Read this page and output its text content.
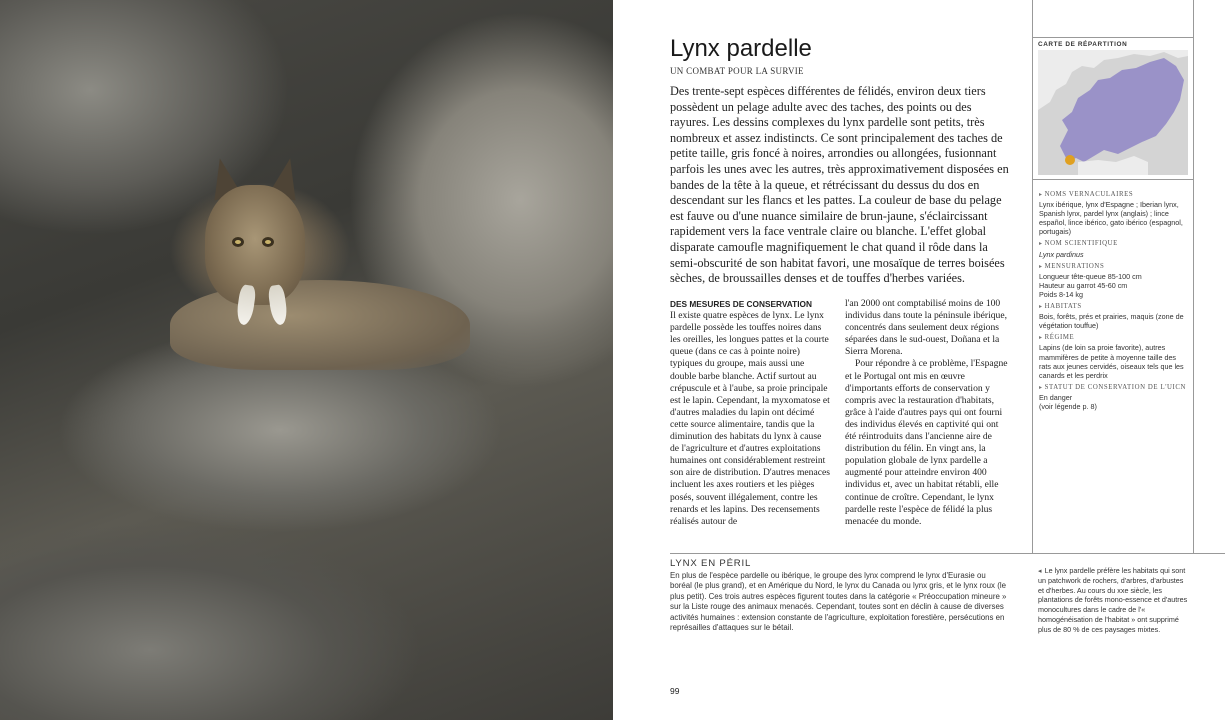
Lynx pardelle
UN COMBAT POUR LA SURVIE

Des trente-sept espèces différentes de félidés, environ deux tiers possèdent un pelage adulte avec des taches, des points ou des rayures. Les dessins complexes du lynx pardelle sont petits, très nombreux et assez indistincts. Ce sont principalement des taches de petite taille, gris foncé à noires, arrondies ou allongées, fusionnant parfois les unes avec les autres, très approximativement disposées en bandes de la tête à la queue, et rétrécissant du dessus du dos en descendant sur les flancs et les pattes. La couleur de base du pelage est fauve ou d'une nuance similaire de brun-jaune, s'éclaircissant rapidement vers la face ventrale claire ou blanche. L'effet global disparate camoufle magnifiquement le chat quand il rôde dans la semi-obscurité de son habitat favori, une mosaïque de terres boisées sèches, de broussailles denses et de touffes d'herbes variées.

DES MESURES DE CONSERVATION

Il existe quatre espèces de lynx. Le lynx pardelle possède les touffes noires dans les oreilles, les longues pattes et la courte queue (dans ce cas à pointe noire) typiques du groupe, mais aussi une double barbe blanche. Actif surtout au crépuscule et à l'aube, sa proie principale est le lapin. Cependant, la myxomatose et d'autres maladies du lapin ont décimé cette source alimentaire, tandis que la diminution des habitats du lynx à cause de l'agriculture et d'autres exploitations humaines ont considérablement restreint son aire de distribution. D'autres menaces incluent les axes routiers et les pièges posés, souvent illégalement, contre les renards et les lapins. Des recensements réalisés autour de

l'an 2000 ont comptabilisé moins de 100 individus dans toute la péninsule ibérique, concentrés dans seulement deux régions séparées dans le sud-ouest, Doñana et la Sierra Morena.

Pour répondre à ce problème, l'Espagne et le Portugal ont mis en œuvre d'importants efforts de conservation y compris avec la restauration d'habitats, grâce à l'aide d'autres pays qui ont fourni des individus élevés en captivité qui ont été réintroduits dans l'ancienne aire de distribution du félin. En vingt ans, la population globale de lynx pardelle a augmenté pour atteindre environ 400 individus et, avec un habitat rétabli, elle continue de croître. Cependant, le lynx pardelle reste l'espèce de félidé la plus menacée du monde.

CARTE DE RÉPARTITION
▸ NOMS VERNACULAIRES
Lynx ibérique, lynx d'Espagne ; Iberian lynx, Spanish lynx, pardel lynx (anglais) ; lince español, lince ibérico, gato ibérico (espagnol, portugais)
▸ NOM SCIENTIFIQUE
Lynx pardinus
▸ MENSURATIONS
Longueur tête-queue 85-100 cm
Hauteur au garrot 45-60 cm
Poids 8-14 kg
▸ HABITATS
Bois, forêts, prés et prairies, maquis (zone de végétation touffue)
▸ RÉGIME
Lapins (de loin sa proie favorite), autres mammifères de petite à moyenne taille des rats aux jeunes cervidés, oiseaux tels que les canards et les perdrix
▸ STATUT DE CONSERVATION DE L'UICN
En danger
(voir légende p. 8)
LYNX EN PÉRIL

En plus de l'espèce pardelle ou ibérique, le groupe des lynx comprend le lynx d'Eurasie ou boréal (le plus grand), et en Amérique du Nord, le lynx du Canada ou lynx gris, et le lynx roux (le plus petit). Ces trois autres espèces figurent toutes dans la catégorie « Préoccupation mineure » sur la Liste rouge des animaux menacés. Cependant, toutes sont en déclin à cause de diverses activités humaines : extension constante de l'agriculture, exploitation forestière, persécutions en représailles d'attaques sur le bétail.

◂ Le lynx pardelle préfère les habitats qui sont un patchwork de rochers, d'arbres, d'arbustes et d'herbes. Au cours du xxe siècle, les plantations de forêts mono-essence et d'autres monocultures dans le cadre de l'« homogénéisation de l'habitat » ont supprimé plus de 80 % de ces paysages mixtes.

99
